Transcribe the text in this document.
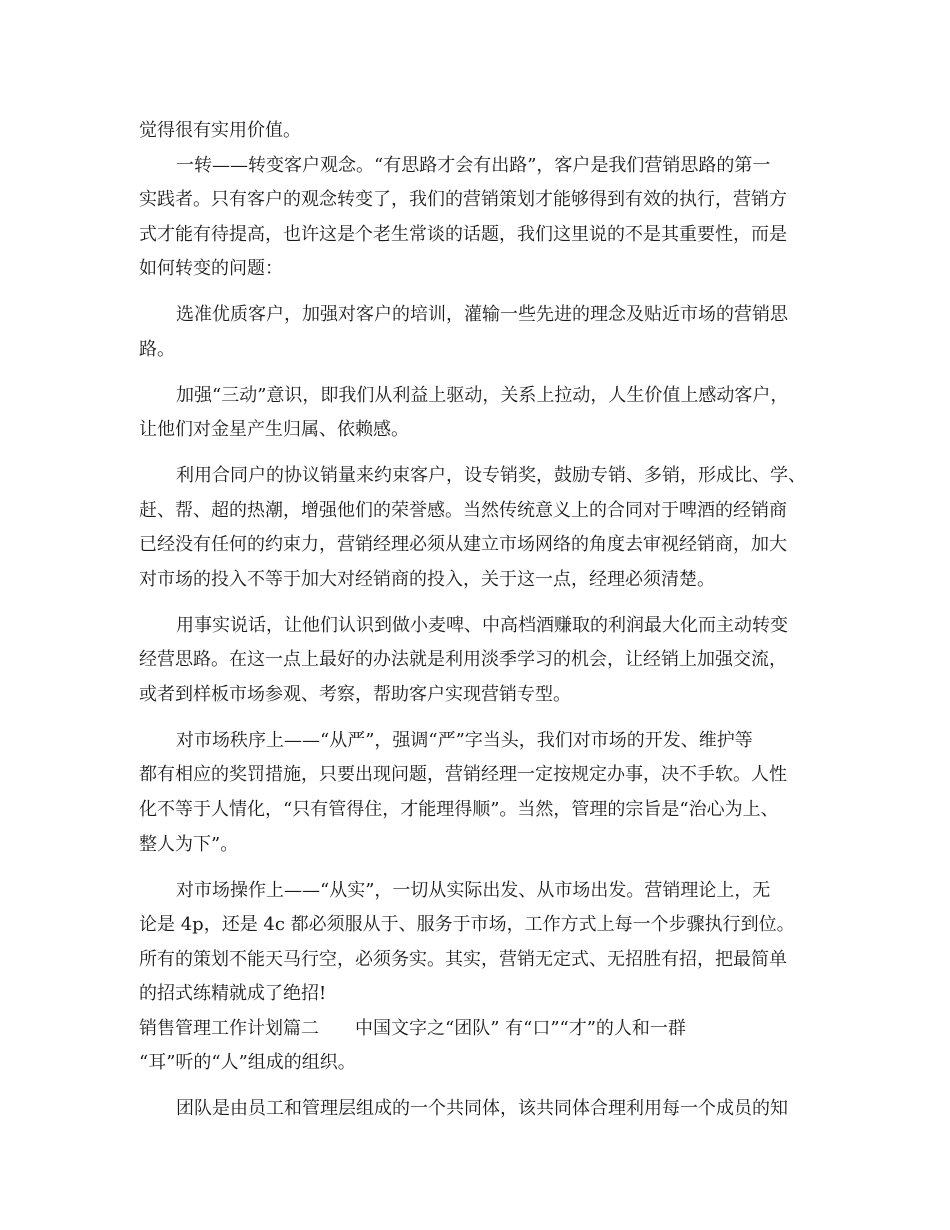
觉得很有实用价值。
一转——转变客户观念。“有思路才会有出路”，客户是我们营销思路的第一
实践者。只有客户的观念转变了，我们的营销策划才能够得到有效的执行，营销方
式才能有待提高，也许这是个老生常谈的话题，我们这里说的不是其重要性，而是
如何转变的问题：
选准优质客户，加强对客户的培训，灌输一些先进的理念及贴近市场的营销思
路。
加强“三动”意识，即我们从利益上驱动，关系上拉动，人生价值上感动客户，
让他们对金星产生归属、依赖感。
利用合同户的协议销量来约束客户，设专销奖，鼓励专销、多销，形成比、学、
赶、帮、超的热潮，增强他们的荣誉感。当然传统意义上的合同对于啤酒的经销商
已经没有任何的约束力，营销经理必须从建立市场网络的角度去审视经销商，加大
对市场的投入不等于加大对经销商的投入，关于这一点，经理必须清楚。
用事实说话，让他们认识到做小麦啤、中高档酒赚取的利润最大化而主动转变
经营思路。在这一点上最好的办法就是利用淡季学习的机会，让经销上加强交流，
或者到样板市场参观、考察，帮助客户实现营销专型。
对市场秩序上——“从严”，强调“严”字当头，我们对市场的开发、维护等
都有相应的奖罚措施，只要出现问题，营销经理一定按规定办事，决不手软。人性
化不等于人情化，“只有管得住，才能理得顺”。当然，管理的宗旨是“治心为上、
整人为下”。
对市场操作上——“从实”，一切从实际出发、从市场出发。营销理论上，无
论是 4p，还是 4c 都必须服从于、服务于市场，工作方式上每一个步骤执行到位。
所有的策划不能天马行空，必须务实。其实，营销无定式、无招胜有招，把最简单
的招式练精就成了绝招!
销售管理工作计划篇二 中国文字之“团队” 有“口”“才”的人和一群
“耳”听的“人”组成的组织。
团队是由员工和管理层组成的一个共同体，该共同体合理利用每一个成员的知
